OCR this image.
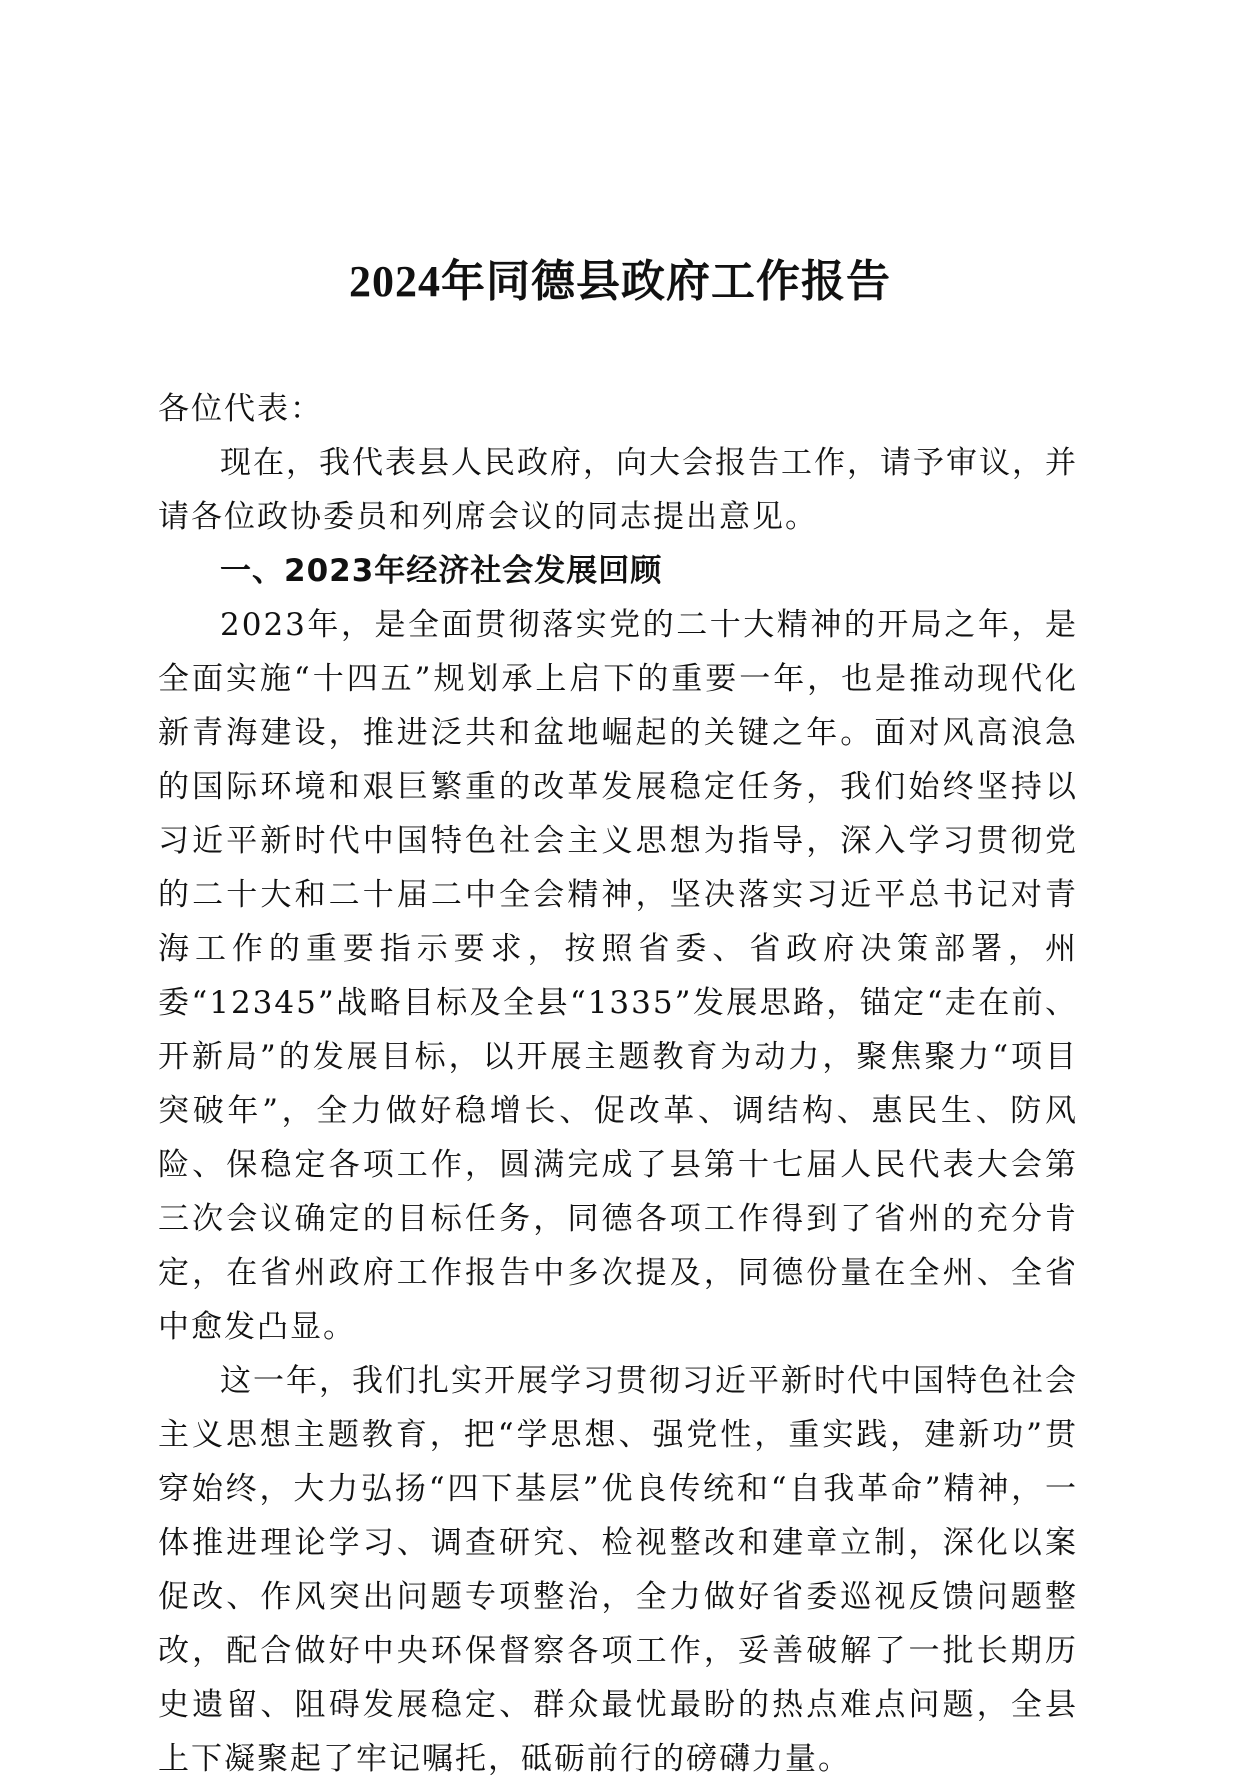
2024年同德县政府工作报告

各位代表：

现在，我代表县人民政府，向大会报告工作，请予审议，并请各位政协委员和列席会议的同志提出意见。

一、2023年经济社会发展回顾

2023年，是全面贯彻落实党的二十大精神的开局之年，是全面实施“十四五”规划承上启下的重要一年，也是推动现代化新青海建设，推进泛共和盆地崛起的关键之年。面对风高浪急的国际环境和艰巨繁重的改革发展稳定任务，我们始终坚持以习近平新时代中国特色社会主义思想为指导，深入学习贯彻党的二十大和二十届二中全会精神，坚决落实习近平总书记对青海工作的重要指示要求，按照省委、省政府决策部署，州委“12345”战略目标及全县“1335”发展思路，锚定“走在前、开新局”的发展目标，以开展主题教育为动力，聚焦聚力“项目突破年”，全力做好稳增长、促改革、调结构、惠民生、防风险、保稳定各项工作，圆满完成了县第十七届人民代表大会第三次会议确定的目标任务，同德各项工作得到了省州的充分肯定，在省州政府工作报告中多次提及，同德份量在全州、全省中愈发凸显。

这一年，我们扎实开展学习贯彻习近平新时代中国特色社会主义思想主题教育，把“学思想、强党性，重实践，建新功”贯穿始终，大力弘扬“四下基层”优良传统和“自我革命”精神，一体推进理论学习、调查研究、检视整改和建章立制，深化以案促改、作风突出问题专项整治，全力做好省委巡视反馈问题整改，配合做好中央环保督察各项工作，妥善破解了一批长期历史遗留、阻碍发展稳定、群众最忧最盼的热点难点问题，全县上下凝聚起了牢记嘱托，砥砺前行的磅礴力量。
